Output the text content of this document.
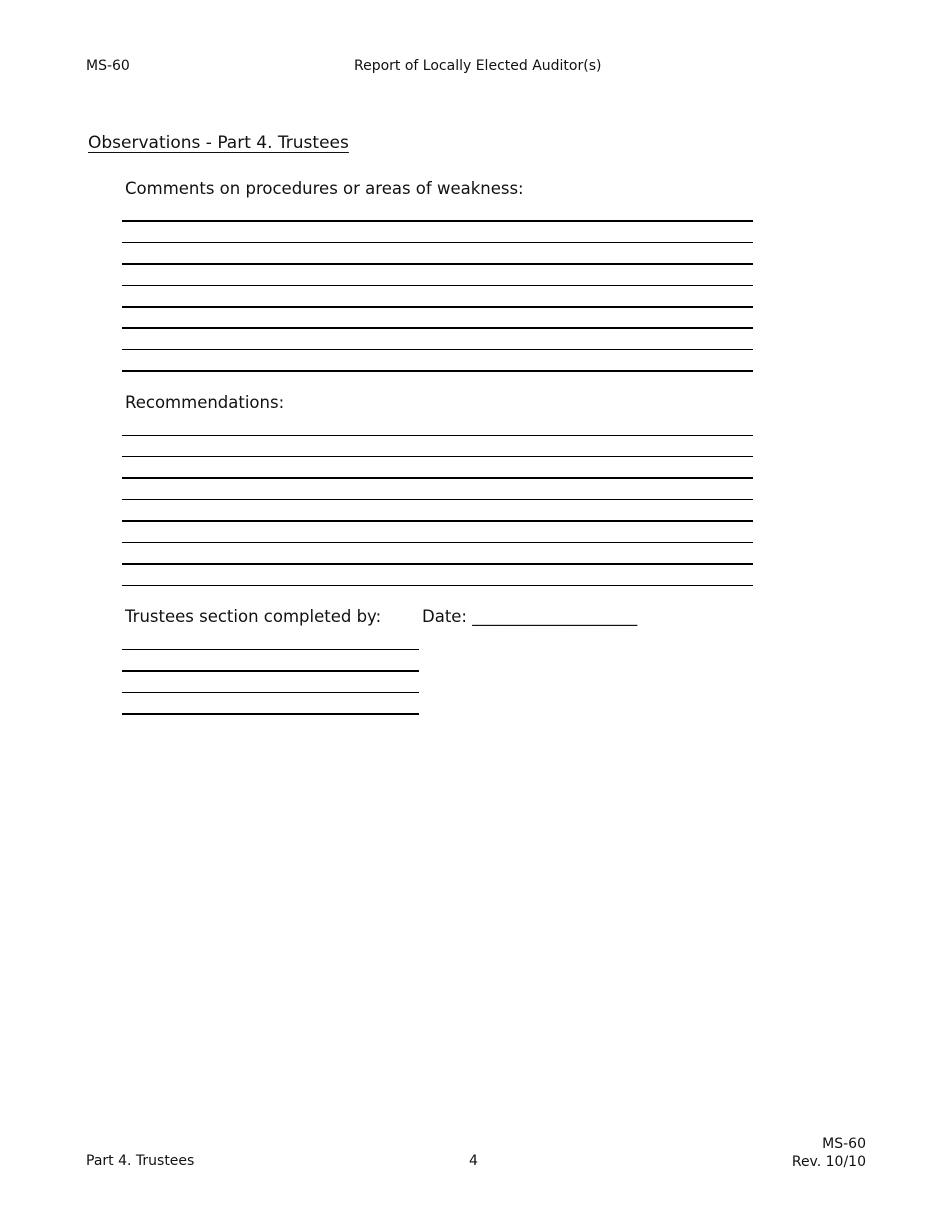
MS-60	Report of Locally Elected Auditor(s)
Observations - Part 4. Trustees
Comments on procedures or areas of weakness:
Recommendations:
Trustees section completed by: Date: ____________________
Part 4. Trustees	4
MS-60
Rev. 10/10
